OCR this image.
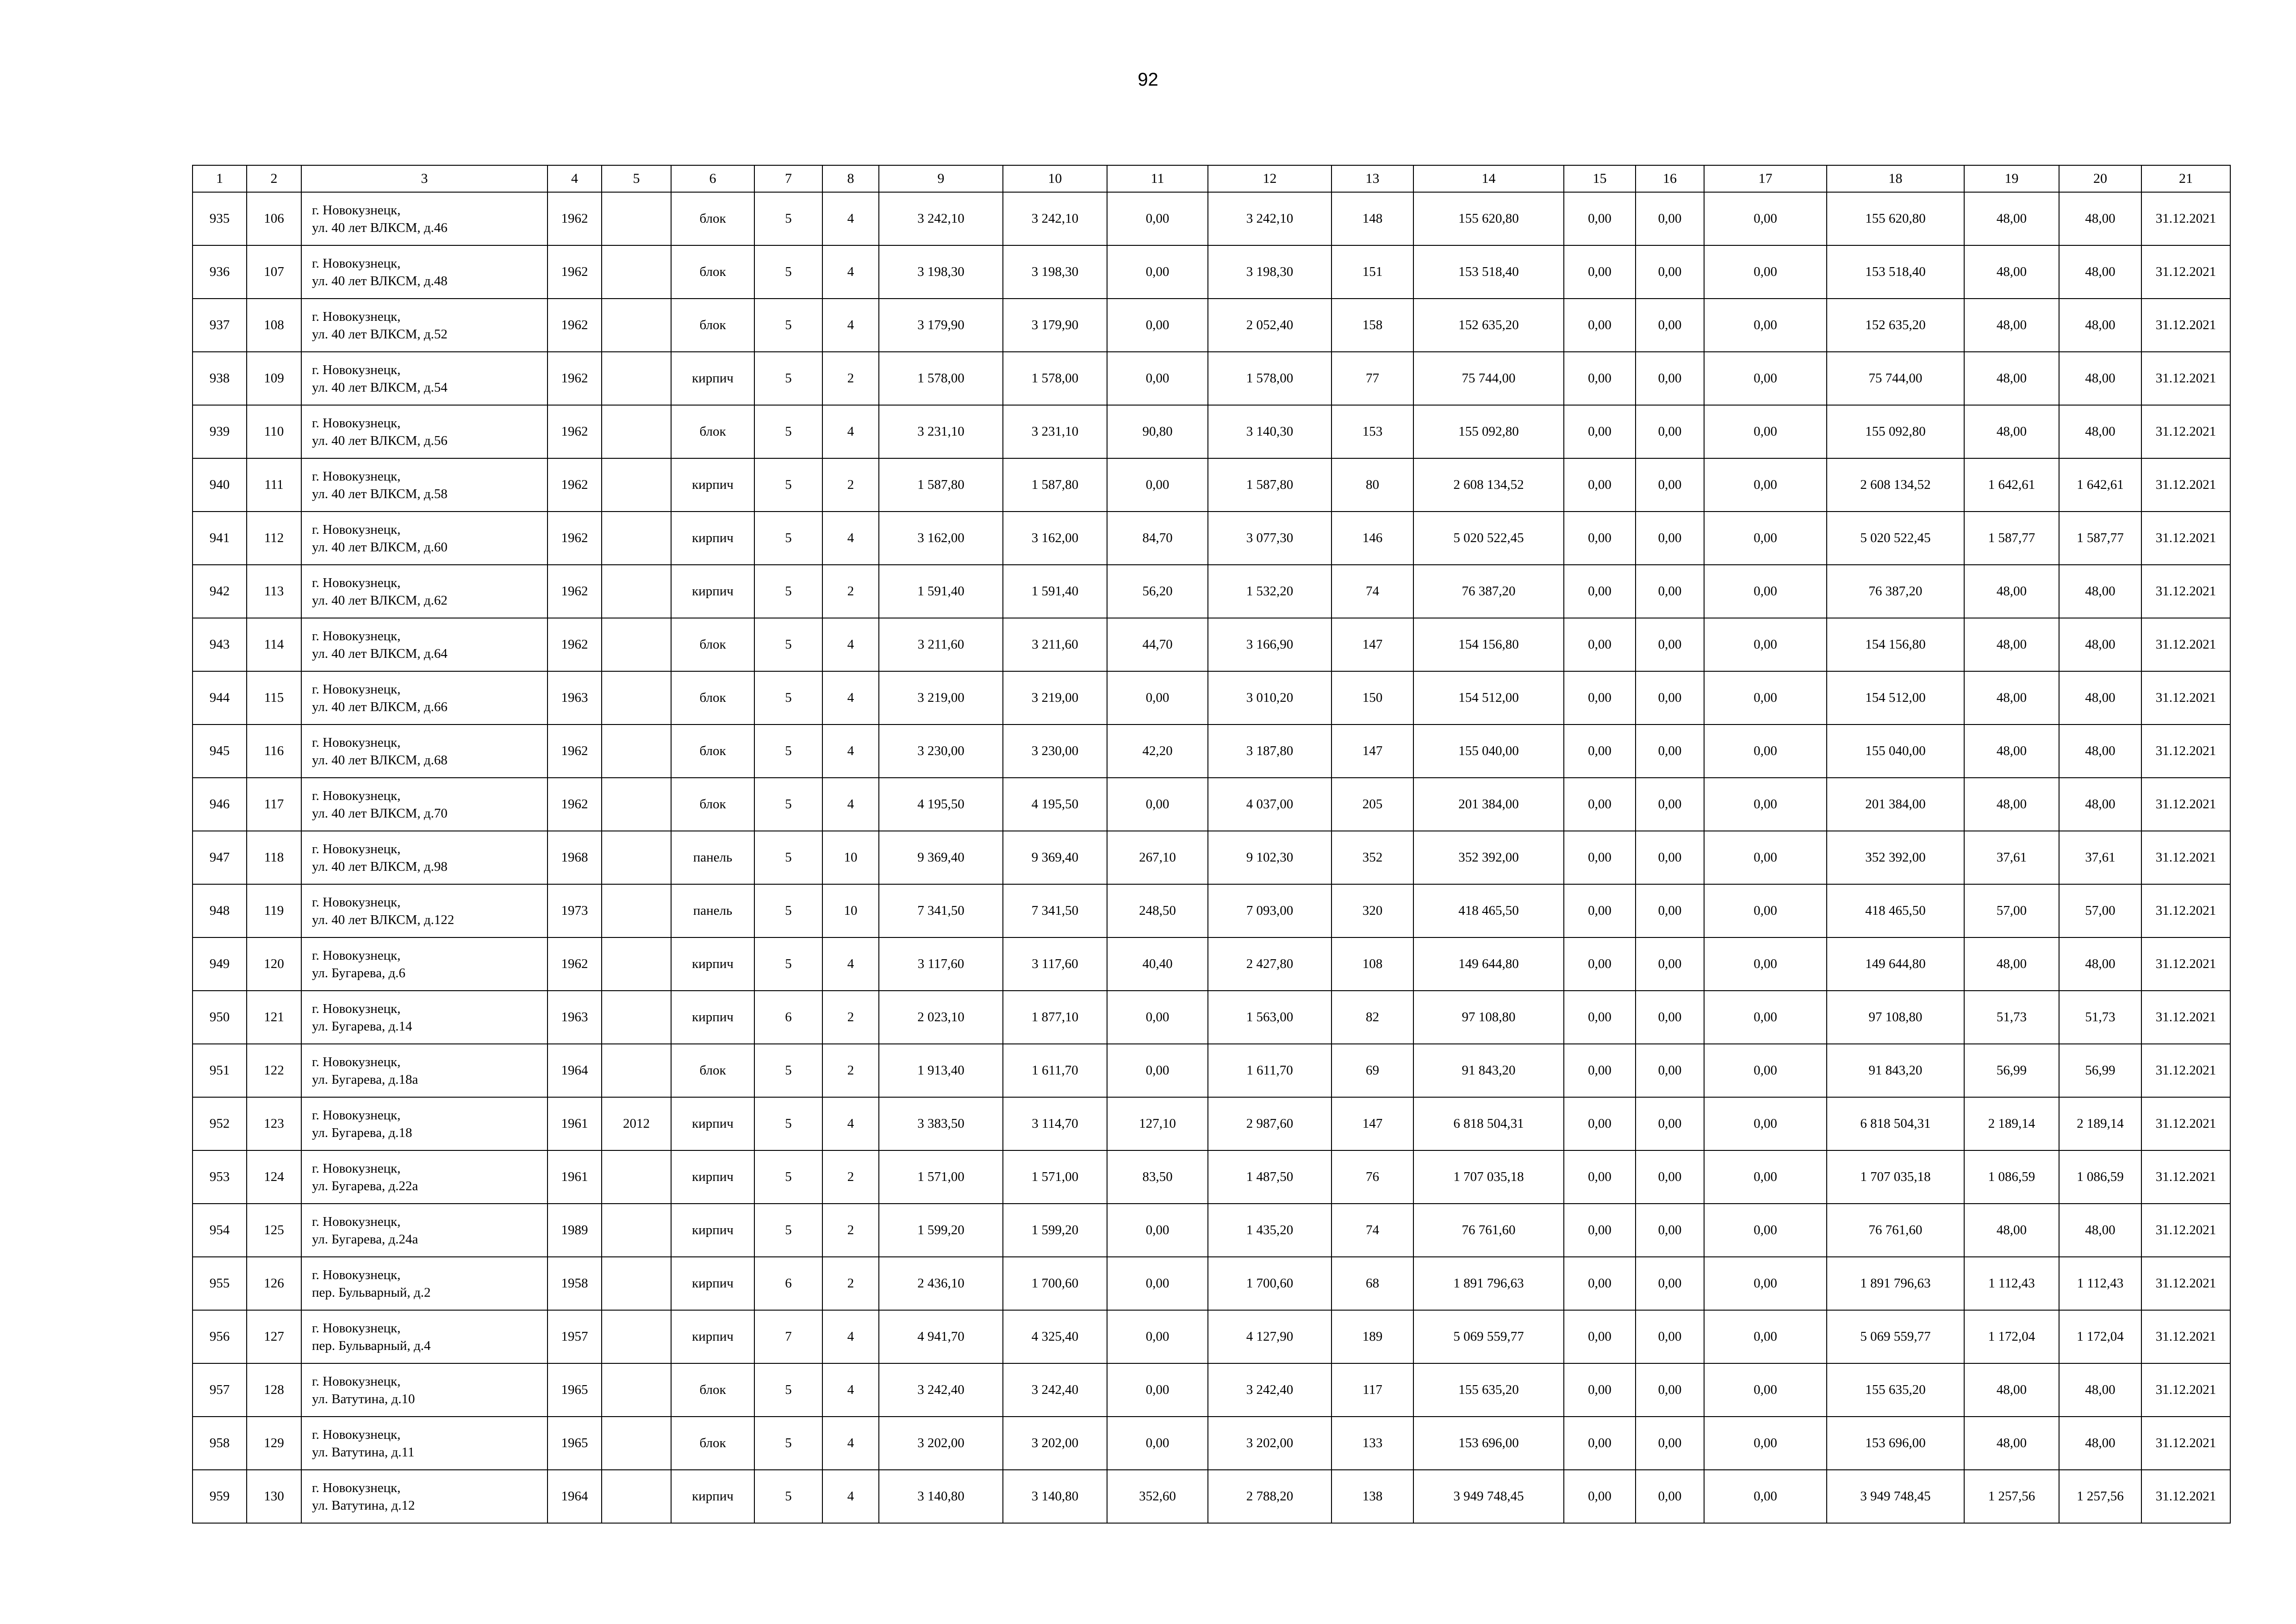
92
1	2	3	4	5	6	7	8	9	10	11	12	13	14	15	16	17	18	19	20	21
935	106	г. Новокузнецк,
ул. 40 лет ВЛКСМ, д.46	1962		блок	5	4	3 242,10	3 242,10	0,00	3 242,10	148	155 620,80	0,00	0,00	0,00	155 620,80	48,00	48,00	31.12.2021
936	107	г. Новокузнецк,
ул. 40 лет ВЛКСМ, д.48	1962		блок	5	4	3 198,30	3 198,30	0,00	3 198,30	151	153 518,40	0,00	0,00	0,00	153 518,40	48,00	48,00	31.12.2021
937	108	г. Новокузнецк,
ул. 40 лет ВЛКСМ, д.52	1962		блок	5	4	3 179,90	3 179,90	0,00	2 052,40	158	152 635,20	0,00	0,00	0,00	152 635,20	48,00	48,00	31.12.2021
938	109	г. Новокузнецк,
ул. 40 лет ВЛКСМ, д.54	1962		кирпич	5	2	1 578,00	1 578,00	0,00	1 578,00	77	75 744,00	0,00	0,00	0,00	75 744,00	48,00	48,00	31.12.2021
939	110	г. Новокузнецк,
ул. 40 лет ВЛКСМ, д.56	1962		блок	5	4	3 231,10	3 231,10	90,80	3 140,30	153	155 092,80	0,00	0,00	0,00	155 092,80	48,00	48,00	31.12.2021
940	111	г. Новокузнецк,
ул. 40 лет ВЛКСМ, д.58	1962		кирпич	5	2	1 587,80	1 587,80	0,00	1 587,80	80	2 608 134,52	0,00	0,00	0,00	2 608 134,52	1 642,61	1 642,61	31.12.2021
941	112	г. Новокузнецк,
ул. 40 лет ВЛКСМ, д.60	1962		кирпич	5	4	3 162,00	3 162,00	84,70	3 077,30	146	5 020 522,45	0,00	0,00	0,00	5 020 522,45	1 587,77	1 587,77	31.12.2021
942	113	г. Новокузнецк,
ул. 40 лет ВЛКСМ, д.62	1962		кирпич	5	2	1 591,40	1 591,40	56,20	1 532,20	74	76 387,20	0,00	0,00	0,00	76 387,20	48,00	48,00	31.12.2021
943	114	г. Новокузнецк,
ул. 40 лет ВЛКСМ, д.64	1962		блок	5	4	3 211,60	3 211,60	44,70	3 166,90	147	154 156,80	0,00	0,00	0,00	154 156,80	48,00	48,00	31.12.2021
944	115	г. Новокузнецк,
ул. 40 лет ВЛКСМ, д.66	1963		блок	5	4	3 219,00	3 219,00	0,00	3 010,20	150	154 512,00	0,00	0,00	0,00	154 512,00	48,00	48,00	31.12.2021
945	116	г. Новокузнецк,
ул. 40 лет ВЛКСМ, д.68	1962		блок	5	4	3 230,00	3 230,00	42,20	3 187,80	147	155 040,00	0,00	0,00	0,00	155 040,00	48,00	48,00	31.12.2021
946	117	г. Новокузнецк,
ул. 40 лет ВЛКСМ, д.70	1962		блок	5	4	4 195,50	4 195,50	0,00	4 037,00	205	201 384,00	0,00	0,00	0,00	201 384,00	48,00	48,00	31.12.2021
947	118	г. Новокузнецк,
ул. 40 лет ВЛКСМ, д.98	1968		панель	5	10	9 369,40	9 369,40	267,10	9 102,30	352	352 392,00	0,00	0,00	0,00	352 392,00	37,61	37,61	31.12.2021
948	119	г. Новокузнецк,
ул. 40 лет ВЛКСМ, д.122	1973		панель	5	10	7 341,50	7 341,50	248,50	7 093,00	320	418 465,50	0,00	0,00	0,00	418 465,50	57,00	57,00	31.12.2021
949	120	г. Новокузнецк,
ул. Бугарева, д.6	1962		кирпич	5	4	3 117,60	3 117,60	40,40	2 427,80	108	149 644,80	0,00	0,00	0,00	149 644,80	48,00	48,00	31.12.2021
950	121	г. Новокузнецк,
ул. Бугарева, д.14	1963		кирпич	6	2	2 023,10	1 877,10	0,00	1 563,00	82	97 108,80	0,00	0,00	0,00	97 108,80	51,73	51,73	31.12.2021
951	122	г. Новокузнецк,
ул. Бугарева, д.18а	1964		блок	5	2	1 913,40	1 611,70	0,00	1 611,70	69	91 843,20	0,00	0,00	0,00	91 843,20	56,99	56,99	31.12.2021
952	123	г. Новокузнецк,
ул. Бугарева, д.18	1961	2012	кирпич	5	4	3 383,50	3 114,70	127,10	2 987,60	147	6 818 504,31	0,00	0,00	0,00	6 818 504,31	2 189,14	2 189,14	31.12.2021
953	124	г. Новокузнецк,
ул. Бугарева, д.22а	1961		кирпич	5	2	1 571,00	1 571,00	83,50	1 487,50	76	1 707 035,18	0,00	0,00	0,00	1 707 035,18	1 086,59	1 086,59	31.12.2021
954	125	г. Новокузнецк,
ул. Бугарева, д.24а	1989		кирпич	5	2	1 599,20	1 599,20	0,00	1 435,20	74	76 761,60	0,00	0,00	0,00	76 761,60	48,00	48,00	31.12.2021
955	126	г. Новокузнецк,
пер. Бульварный, д.2	1958		кирпич	6	2	2 436,10	1 700,60	0,00	1 700,60	68	1 891 796,63	0,00	0,00	0,00	1 891 796,63	1 112,43	1 112,43	31.12.2021
956	127	г. Новокузнецк,
пер. Бульварный, д.4	1957		кирпич	7	4	4 941,70	4 325,40	0,00	4 127,90	189	5 069 559,77	0,00	0,00	0,00	5 069 559,77	1 172,04	1 172,04	31.12.2021
957	128	г. Новокузнецк,
ул. Ватутина, д.10	1965		блок	5	4	3 242,40	3 242,40	0,00	3 242,40	117	155 635,20	0,00	0,00	0,00	155 635,20	48,00	48,00	31.12.2021
958	129	г. Новокузнецк,
ул. Ватутина, д.11	1965		блок	5	4	3 202,00	3 202,00	0,00	3 202,00	133	153 696,00	0,00	0,00	0,00	153 696,00	48,00	48,00	31.12.2021
959	130	г. Новокузнецк,
ул. Ватутина, д.12	1964		кирпич	5	4	3 140,80	3 140,80	352,60	2 788,20	138	3 949 748,45	0,00	0,00	0,00	3 949 748,45	1 257,56	1 257,56	31.12.2021
